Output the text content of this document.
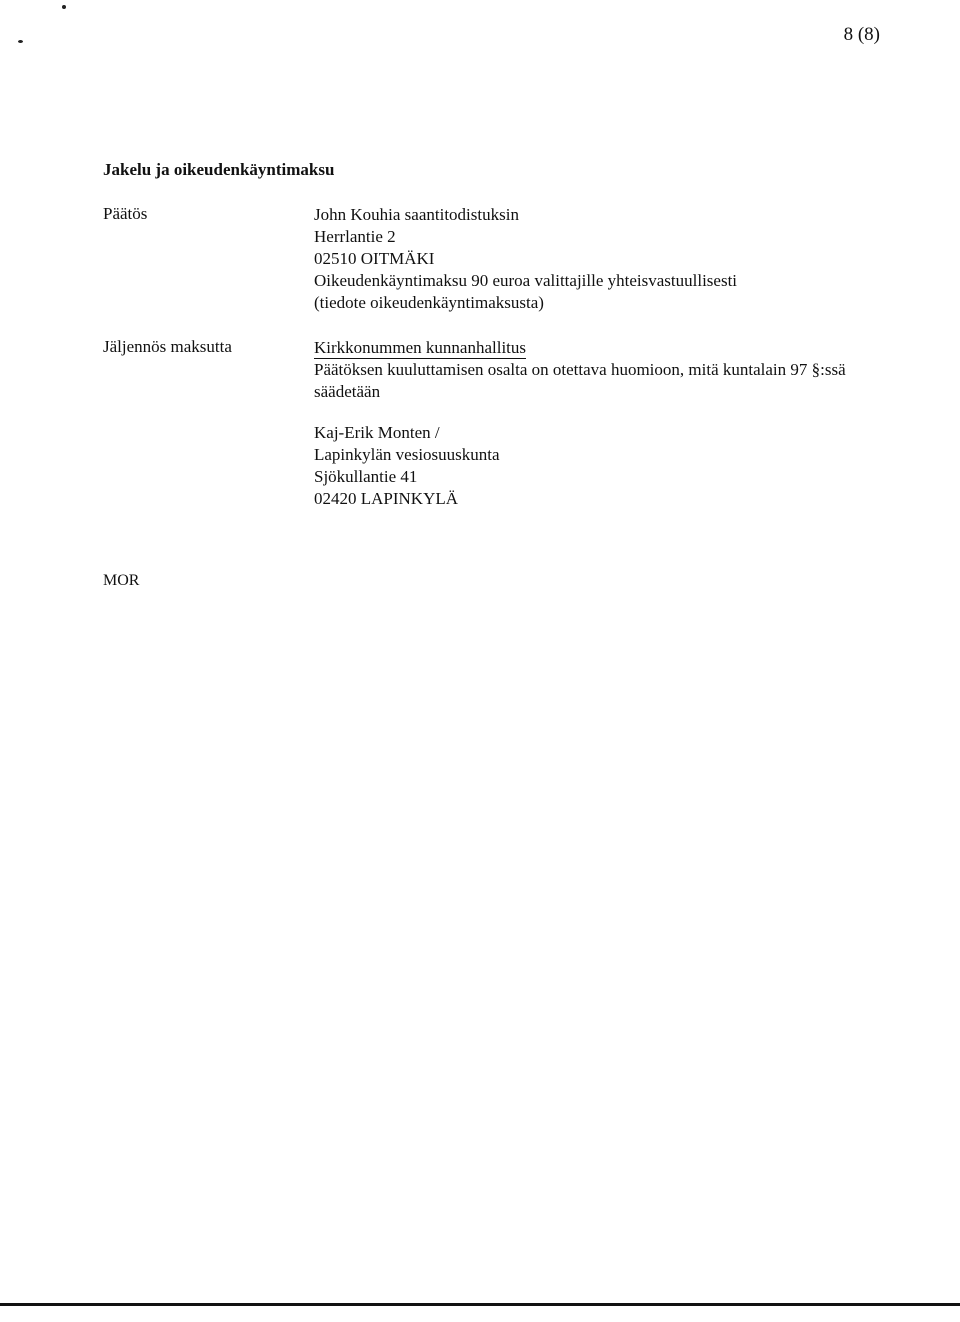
8 (8)
Jakelu ja oikeudenkäyntimaksu
Päätös	John Kouhia saantitodistuksin
Herrlantie 2
02510 OITMÄKI
Oikeudenkäyntimaksu 90 euroa valittajille yhteisvastuullisesti
(tiedote oikeudenkäyntimaksusta)
Jäljennös maksutta	Kirkkonummen kunnanhallitus
Päätöksen kuuluttamisen osalta on otettava huomioon, mitä kuntalain 97 §:ssä
säädetään
Kaj-Erik Monten /
Lapinkylän vesiosuuskunta
Sjökullantie 41
02420 LAPINKYLÄ
MOR
